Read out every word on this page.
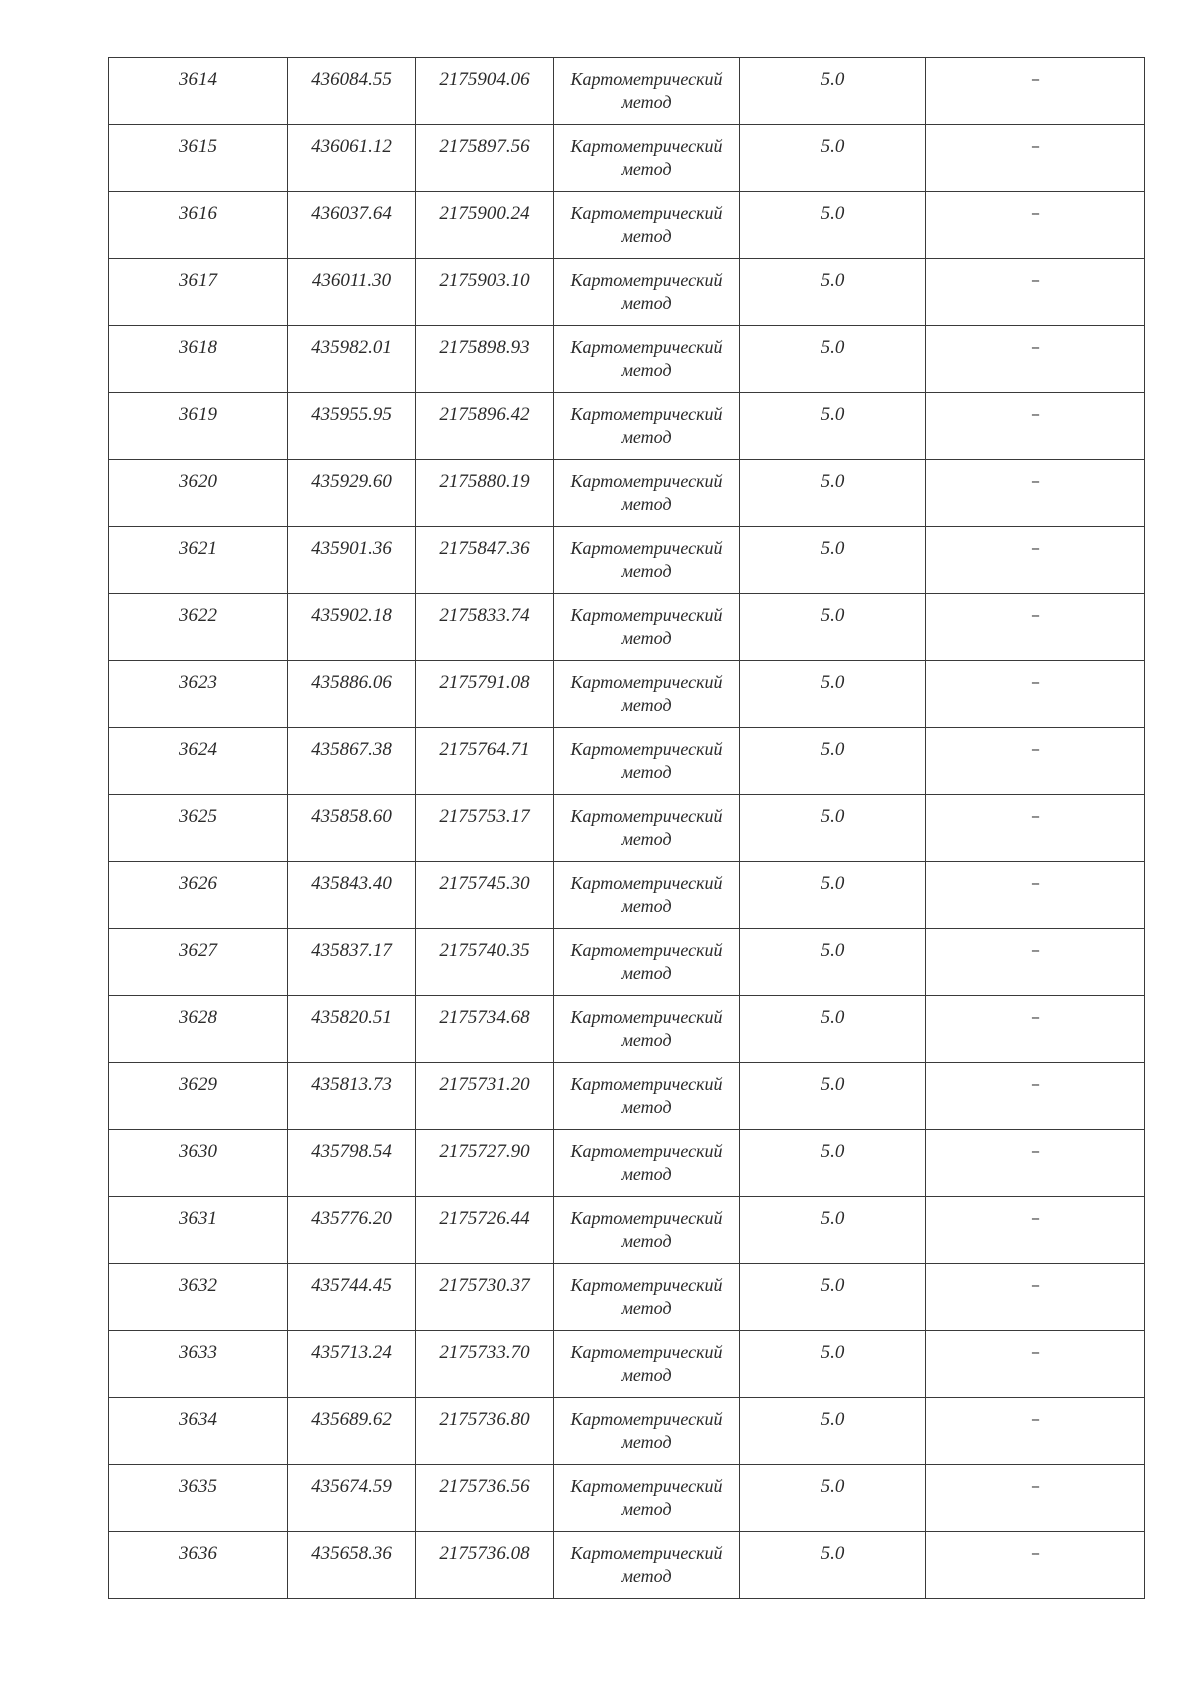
3614	436084.55	2175904.06	Картометрический
метод	5.0	--

3615	436061.12	2175897.56	Картометрический
метод	5.0	--

3616	436037.64	2175900.24	Картометрический
метод	5.0	--

3617	436011.30	2175903.10	Картометрический
метод	5.0	--

3618	435982.01	2175898.93	Картометрический
метод	5.0	--

3619	435955.95	2175896.42	Картометрический
метод	5.0	--

3620	435929.60	2175880.19	Картометрический
метод	5.0	--

3621	435901.36	2175847.36	Картометрический
метод	5.0	--

3622	435902.18	2175833.74	Картометрический
метод	5.0	--

3623	435886.06	2175791.08	Картометрический
метод	5.0	--

3624	435867.38	2175764.71	Картометрический
метод	5.0	--

3625	435858.60	2175753.17	Картометрический
метод	5.0	--

3626	435843.40	2175745.30	Картометрический
метод	5.0	--

3627	435837.17	2175740.35	Картометрический
метод	5.0	--

3628	435820.51	2175734.68	Картометрический
метод	5.0	--

3629	435813.73	2175731.20	Картометрический
метод	5.0	--

3630	435798.54	2175727.90	Картометрический
метод	5.0	--

3631	435776.20	2175726.44	Картометрический
метод	5.0	--

3632	435744.45	2175730.37	Картометрический
метод	5.0	--

3633	435713.24	2175733.70	Картометрический
метод	5.0	--

3634	435689.62	2175736.80	Картометрический
метод	5.0	--

3635	435674.59	2175736.56	Картометрический
метод	5.0	--

3636	435658.36	2175736.08	Картометрический
метод	5.0	--
